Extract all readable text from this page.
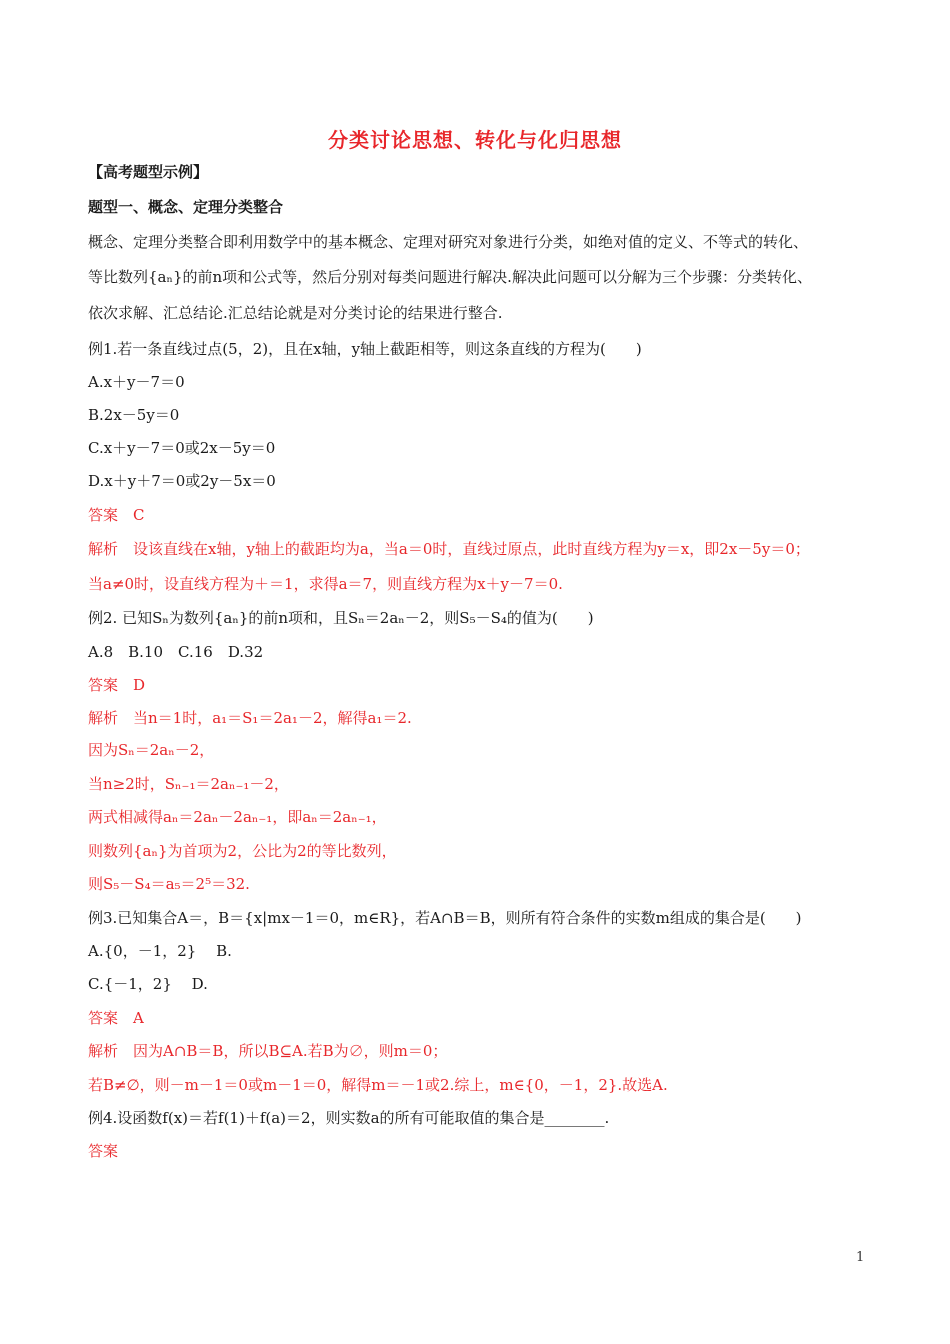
分类讨论思想、转化与化归思想
【高考题型示例】
题型一、概念、定理分类整合
概念、定理分类整合即利用数学中的基本概念、定理对研究对象进行分类，如绝对值的定义、不等式的转化、
等比数列{aₙ}的前n项和公式等，然后分别对每类问题进行解决.解决此问题可以分解为三个步骤：分类转化、
依次求解、汇总结论.汇总结论就是对分类讨论的结果进行整合.
例1.若一条直线过点(5，2)，且在x轴，y轴上截距相等，则这条直线的方程为(　　)
A.x＋y－7＝0
B.2x－5y＝0
C.x＋y－7＝0或2x－5y＝0
D.x＋y＋7＝0或2y－5x＝0
答案　C
解析　设该直线在x轴，y轴上的截距均为a，当a＝0时，直线过原点，此时直线方程为y＝x，即2x－5y＝0；
当a≠0时，设直线方程为＋＝1，求得a＝7，则直线方程为x＋y－7＝0.
例2. 已知Sₙ为数列{aₙ}的前n项和，且Sₙ＝2aₙ－2，则S₅－S₄的值为(　　)
A.8　B.10　C.16　D.32
答案　D
解析　当n＝1时，a₁＝S₁＝2a₁－2，解得a₁＝2.
因为Sₙ＝2aₙ－2，
当n≥2时，Sₙ₋₁＝2aₙ₋₁－2，
两式相减得aₙ＝2aₙ－2aₙ₋₁，即aₙ＝2aₙ₋₁，
则数列{aₙ}为首项为2，公比为2的等比数列，
则S₅－S₄＝a₅＝2⁵＝32.
例3.已知集合A＝，B＝{x|mx－1＝0，m∈R}，若A∩B＝B，则所有符合条件的实数m组成的集合是(　　)
A.{0，－1，2}　 B.
C.{－1，2}　 D.
答案　A
解析　因为A∩B＝B，所以B⊆A.若B为∅，则m＝0；
若B≠∅，则－m－1＝0或m－1＝0，解得m＝－1或2.综上，m∈{0，－1，2}.故选A.
例4.设函数f(x)＝若f(1)＋f(a)＝2，则实数a的所有可能取值的集合是________.
答案
1
